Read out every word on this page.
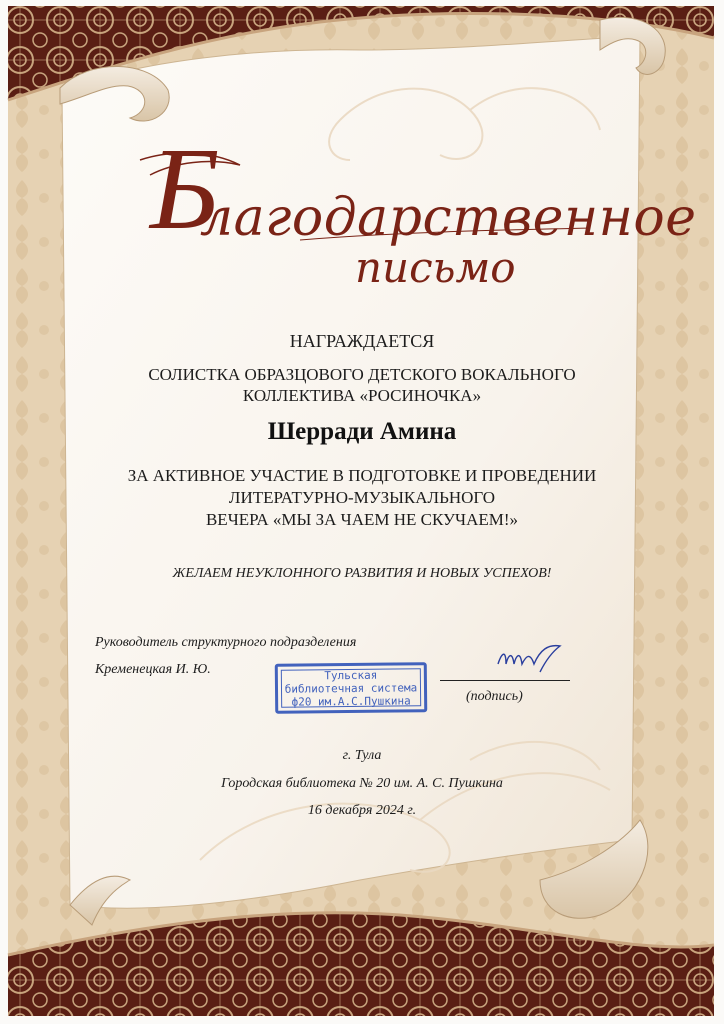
Б
лагодарственное
письмо
НАГРАЖДАЕТСЯ
СОЛИСТКА ОБРАЗЦОВОГО ДЕТСКОГО ВОКАЛЬНОГО
КОЛЛЕКТИВА «РОСИНОЧКА»
Шерради Амина
ЗА АКТИВНОЕ УЧАСТИЕ В ПОДГОТОВКЕ И ПРОВЕДЕНИИ
ЛИТЕРАТУРНО-МУЗЫКАЛЬНОГО
ВЕЧЕРА «МЫ ЗА ЧАЕМ НЕ СКУЧАЕМ!»
ЖЕЛАЕМ НЕУКЛОННОГО РАЗВИТИЯ И НОВЫХ УСПЕХОВ!
Руководитель структурного подразделения
Кременецкая И. Ю.	Тульская
библиотечная система
ф20 им.А.С.Пушкина	(подпись)
г. Тула
Городская библиотека № 20 им. А. С. Пушкина
16 декабря 2024 г.
